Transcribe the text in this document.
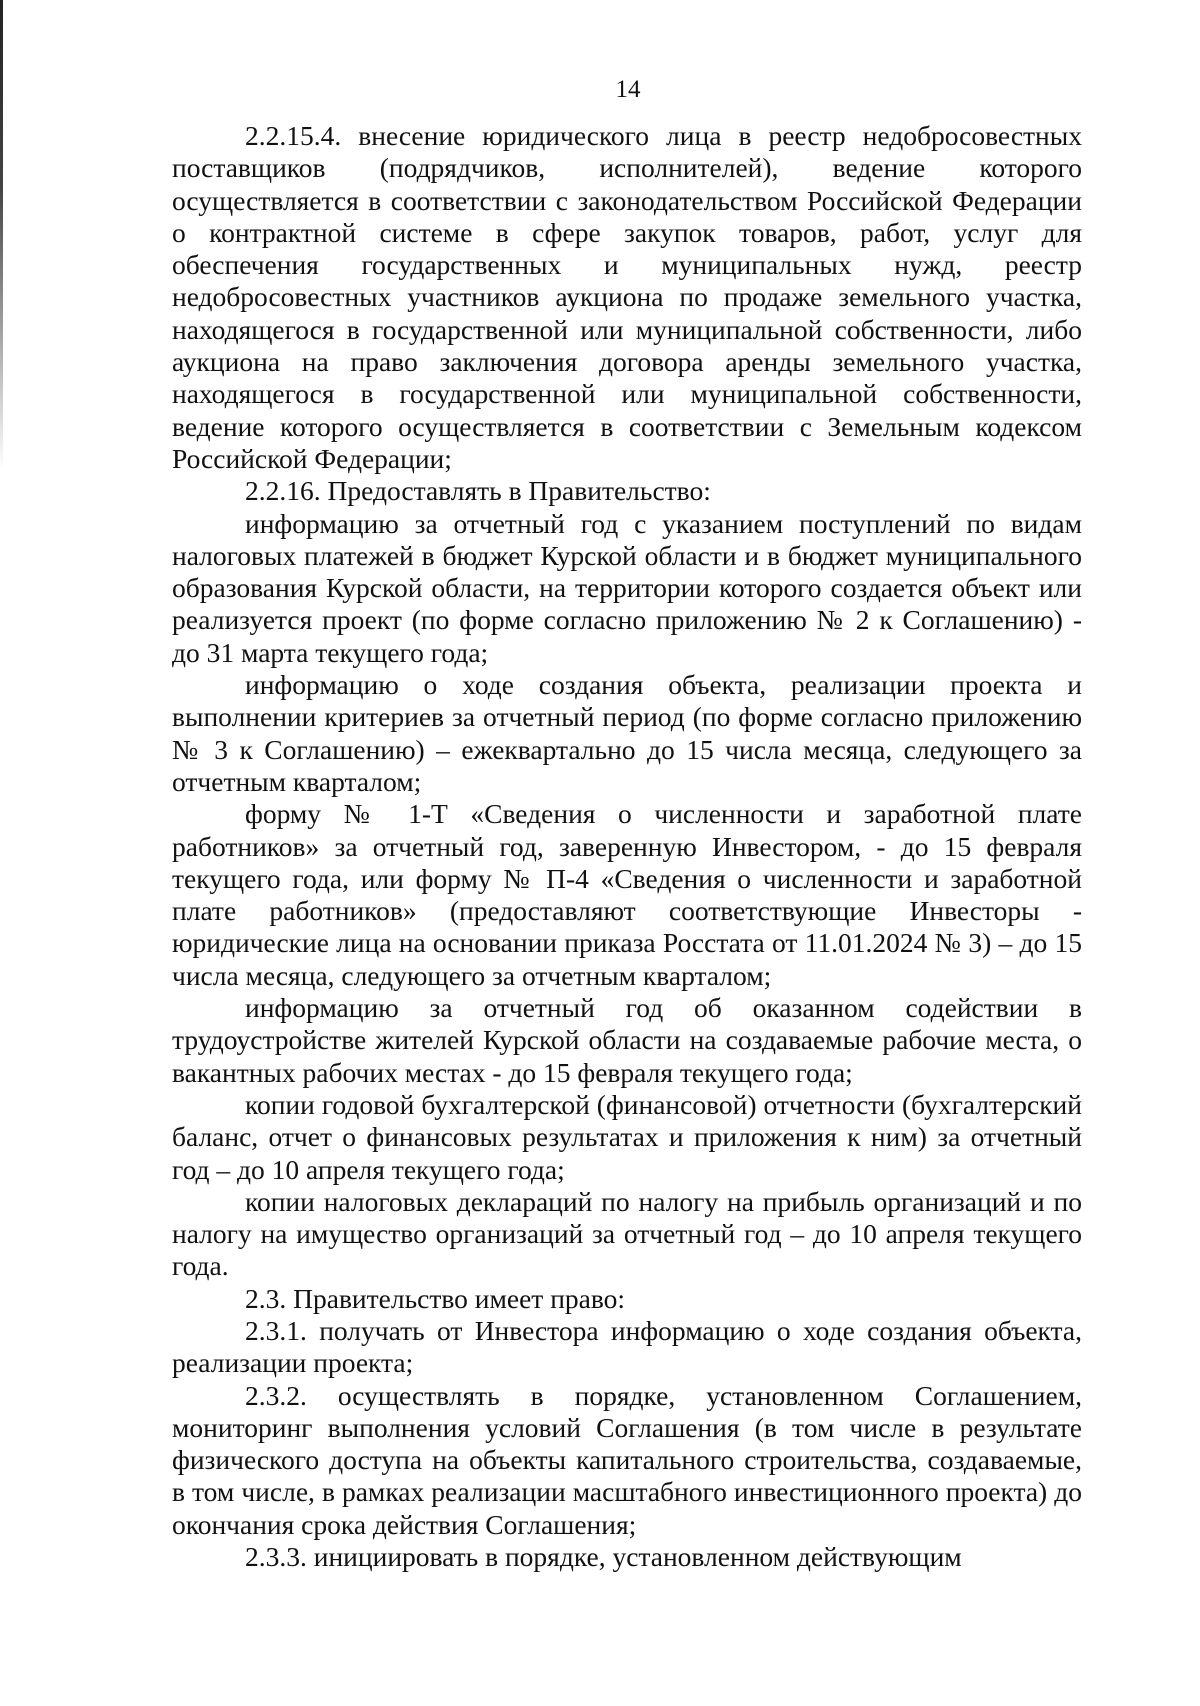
14

2.2.15.4. внесение юридического лица в реестр недобросовестных поставщиков (подрядчиков, исполнителей), ведение которого осуществляется в соответствии с законодательством Российской Федерации о контрактной системе в сфере закупок товаров, работ, услуг для обеспечения государственных и муниципальных нужд, реестр недобросовестных участников аукциона по продаже земельного участка, находящегося в государственной или муниципальной собственности, либо аукциона на право заключения договора аренды земельного участка, находящегося в государственной или муниципальной собственности, ведение которого осуществляется в соответствии с Земельным кодексом Российской Федерации;

2.2.16. Предоставлять в Правительство:

информацию за отчетный год с указанием поступлений по видам налоговых платежей в бюджет Курской области и в бюджет муниципального образования Курской области, на территории которого создается объект или реализуется проект (по форме согласно приложению № 2 к Соглашению) - до 31 марта текущего года;

информацию о ходе создания объекта, реализации проекта и выполнении критериев за отчетный период (по форме согласно приложению № 3 к Соглашению) – ежеквартально до 15 числа месяца, следующего за отчетным кварталом;

форму № 1-Т «Сведения о численности и заработной плате работников» за отчетный год, заверенную Инвестором, - до 15 февраля текущего года, или форму № П-4 «Сведения о численности и заработной плате работников» (предоставляют соответствующие Инвесторы - юридические лица на основании приказа Росстата от 11.01.2024 № 3) – до 15 числа месяца, следующего за отчетным кварталом;

информацию за отчетный год об оказанном содействии в трудоустройстве жителей Курской области на создаваемые рабочие места, о вакантных рабочих местах - до 15 февраля текущего года;

копии годовой бухгалтерской (финансовой) отчетности (бухгалтерский баланс, отчет о финансовых результатах и приложения к ним) за отчетный год – до 10 апреля текущего года;

копии налоговых деклараций по налогу на прибыль организаций и по налогу на имущество организаций за отчетный год – до 10 апреля текущего года.

2.3. Правительство имеет право:

2.3.1. получать от Инвестора информацию о ходе создания объекта, реализации проекта;

2.3.2. осуществлять в порядке, установленном Соглашением, мониторинг выполнения условий Соглашения (в том числе в результате физического доступа на объекты капитального строительства, создаваемые, в том числе, в рамках реализации масштабного инвестиционного проекта) до окончания срока действия Соглашения;

2.3.3. инициировать в порядке, установленном действующим
